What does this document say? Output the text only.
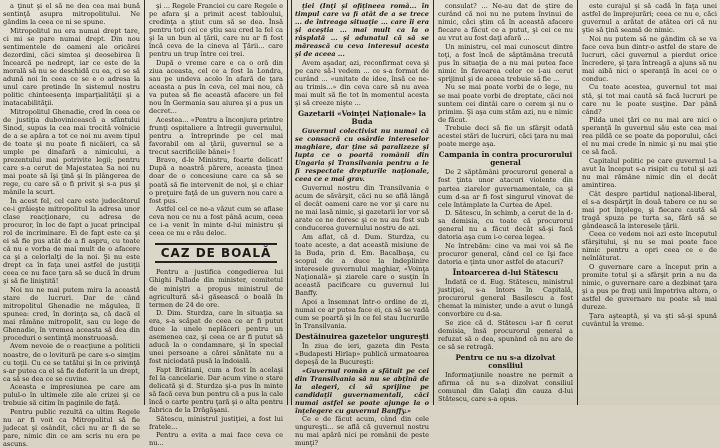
a ţinut şi el să ne dea cea mai bună sentinţă asupra mitropolitului. Ne gândim la ceea ce ni se spune.

Mitropolitul nu era numai drept tare, ci mi se pare numai drept. Din nou sentimentele de oameni ale oricărei dezordini, căci simtea şi deosebirea îi încearcă pe nedrept, iar ce este de la morală să nu se deschidă cu ea, ci se să adună noi în ceea ce se e o adresa la unul care pretinde în sistemul nostru politic chinteesenţa imparţialităţii şi a inatacabilităţii.

Mitropolitul Ghenadie, cred în ceea ce de justiţia dubovinicească a sfântului Sinod, supus la cea mai trocită volnicie de a se apăra a tot ce noi nu avem tipul de toate şi nu poate fi nicăieri, ca să umple pe dinafară a nimicului, a prezentului mai potrivite legii; pentru care s-a cerut de Majestatea Sa noi nu mai poate să îşi ţină şi în plângerea de rege, cu care să o fi privit şi s-a pus şi mânile la scurt.

În acest fel, cel care este judecătorul ce-i grăieşte mitropolitul la adresa unor clase reacţionare, cu adresa de procuror, în loc de fapt a jucat principal rol de incriminare. Ei de fapt este ca şi ei să fie pus atât de a fi aspru, cu toate că nu e vorba de mai mult de o afacere ca şi a celorlalţi de la noi. Şi nu este drept ca în faţa unei astfel de justiţii ceea ce nu face ţara să se ducă în drum şi să fie liniştită!

Noi nu ne mai putem mira la această stare de lucruri. Dar de când mitropolitul Ghenadie ne măgulea, îl spunea: cred, în dorinţa sa, că dacă el mai rămâne mitropolit, sau cu lege de Ghenadie, în vremea aceasta să dea din proceduri o sentinţă monstruoasă.

Avem nevoie de o reacţiune a politicii noastre, de o lovitură pe care s-o simţim cu toţii. Cu ce se tatălui şi în ce privinţă s-ar putea ca el să fie deferit la un drept, ca să se dea ce se cuvine.

Aceasta e impresiunea pe care am pulul-o în ultimele zile ale crizei şi ce trebuie să citim în paginile de faţă.

Pentru public rezultă ca ultim Regele nu ar fi voit ca Mitropolitul să fie judecat şi osândit, căci nu ar fi de se pare, nimic din ce am scris nu era pe ascuns.

şi ... Regele Franciei cu care Regele e pe afara şi a primit acest tabloului, credinţa a ştiut cum să se dea. Însă pentru toţi cei ce ştiu sau cred la fel ca şi la un bun al ţării, care nu ar fi fost încă ceva de la cineva al Ţării... care pentru un trup între cei trei.

După o vreme care e ca o oră din ziua aceasta, cel ce a fost la Londra, sau pe undeva acolo în afară de ţara aceasta a pus în ceva, cel mai nou, că va putea să fie această afacere un fel nou în Germania sau aiurea şi a pus un decret...

Acestea... «Pentru a înconjura printre frunţi ospitaliere a întregii guvernului, pentru a întreprinde pe cel mai favorabil om al ţării, guvernul se a trecut sacrificiile bânei» !

Bravo, d-le Ministru, foarte delicat! După a noastră părere, aceasta ţinea doar de o concesiune care ca să se poată să fie intervenit de noi, şi e chiar o preţuire faţă de un guvern nou care a fost pus.

Astfel cel ce ne-a văzut cum se aflase ceva nou ce nu a fost până acum, ceea ce i-a venit în minte d-lui ministru şi ceea ce nu e rău deloc.

CAZ DE BOALĂ

Pentru a justifica congedierea lui Ghighi Pallade din minister, comitetul de miniştri a propus ministrul de agricultură să-i găsească o boală în termen de 24 de ore.

D. Dim. Sturdza, care în situaţia sa era, s-a scăpat de ceea ce ar fi putut duce la unele neplăceri pentru un asemenea caz, şi ceea ce ar fi putut să aducă la o condamnare, şi în special unei persoane a cărei sănătate nu a fost niciodată pusă la îndoială.

Fapt Brătiani, cum a fost în acelaşi fel la cancelarie. Dar acum vine o stare delicată şi d. Sturdza şi-a pus în minte să facă ceva bun pentru că a pus la cale încă o carte pentru ţară şi o alta pentru fabrica de la Drăgăşani.

Sătescu, ministrul justiţiei, a fost lui fratele...

Pentru a evita a mai face ceva ce nu...

ţiei (Inţi şi ofiţineea româ... în timpul care va fi atât de a se trece ... de întreaga situaţie ... care îi era şi aceştia ... mai mult ca la o răsplată ... şi adunatul că să se mărească cu ceva interesul acesta şi de aceea ...

Avem aşadar, azi, reconfirmat ceva şi pe care să-l vedem ... ce s-a format de curând ... «unitate de idee, însă ce ne-au trimis...» din ceva care să nu avea mai mult să fie tot în momentul acesta şi să creeze nişte ...

Gazetarii «Voinţei Naţionale» la Buda

Guvernul colectivist nu numai că se consacră cu osârdie intereselor maghiare, dar ţine să paralizeze şi lupta ce o poartă românii din Ungaria şi Transilvania pentru a le fi respectate drepturile naţionale, ceea ce e mai grav.

Guvernul nostru din Transilvania e acum de săvârşit, căci nu se află lângă el decât oameni care ne vor şi care nu ne mai lasă nimic, şi gazetarii lor vor să arate ce ne doresc şi ce nu au fost sub conducerea guvernului nostru de azi.

Am aflat, că d. Dum. Sturdza, cu toate aceste, a dat această misiune de la Buda, prin d. Em. Bacalbaşa, cu scopul de a duce la îndeplinire interesele guvernului maghiar, «Voinţa Naţională» şi ziarele care o susţin în această pacificare cu guvernul lui Banffy.

Apoi a însemnat într-o ordine de zi, numai ce ar putea face ei, ca să se vadă cum se poartă şi în ce fel stau lucrurile în Transilvania.

Destăinuirea gazetelor ungureşti

În ziua de ieri, gazeta din Pesta «Budapesti Hirlap» publică urmatoarea depeşă de la Bucureşti:

«Guvernul român a sfătuit pe cei din Transilvania să nu se abţină de la alegeri, ci să sprijine pe candidaţii guvernamentali, căci numai astfel se poate ajunge la o înţelegere cu guvernul Banffy.»

Ce e de făcut acum, când din cele ungureşti... se află că guvernul nostru nu mai apără nici pe românii de peste munţi?

consulat? ... Ne-au dat de ştire de curând că noi nu ne putem învinui de nimic, căci ştim că în această afacere fiecare a făcut ce a putut, şi cei ce nu au vrut au fost daţi afară ...

Un ministru, cel mai cunoscut dintre toţi, a fost încă de săptămâna trecută pus în situaţia de a nu mai putea face nimic în favoarea celor ce i-au cerut sprijinul şi de aceea trebuie să fie ...

Nu se mai poate vorbi de o lege, nu se mai poate vorbi de dreptate, căci noi suntem cei dintâi care o cerem şi nu o primim. Şi aşa cum stăm azi, nu e nimic de făcut.

Trebuie deci să fie un sfârşit odată acestei stări de lucruri, căci ţara nu mai poate merge aşa.

Campania în contra procurorului general

De 2 săptămâni procurorul general a fost ţinta unor atacuri violente din partea ziarelor guvernamentale, ca şi cum d-sa ar fi fost singurul vinovat de cele întâmplate la Curtea de Apel.

D. Sătescu, în schimb, a cerut de la d-sa demisia, cu toate că procurorul general nu a făcut decât să-şi facă datoria aşa cum i-o cerea legea.

Ne întrebăm: cine va mai voi să fie procuror general, când cel ce îşi face datoria e ţinta unor astfel de atacuri?

Întoarcerea d-lui Stătescu

Îndată ce d. Eug. Stătescu, ministrul justiţiei, s-a întors în Capitală, procurorul general Basilescu a fost chemat la minister, unde a avut o lungă convorbire cu d-sa.

Se zice că d. Stătescu i-ar fi cerut demisia, însă procurorul general a refuzat să o dea, spunând că nu are de ce să se retragă.

Pentru ce nu s-a dizolvat consiliul

Informaţiunile noastre ne permit a afirma că nu s-a dizolvat consiliul comunal din Galaţi din cauza d-lui Stătescu, care s-a opus.

este curajul şi să cadă în faţa unei astfel de împrejurări; ceea ce nu e, căci guvernul a arătat de atâtea ori că nu ştie să ţină seamă de nimic.

Noi nu putem să ne gândim că se va face ceva bun dintr-o astfel de stare de lucruri, căci guvernul a pierdut orice încredere, şi ţara întreagă a ajuns să nu mai aibă nici o speranţă în acei ce o conduc.

Cu toate acestea, guvernul tot mai stă, şi tot mai caută să facă lucruri pe care nu le poate susţine. Dar până când?

Pilda unei ţări ce nu mai are nici o speranţă în guvernul său este cea mai rea pildă ce se poate da poporului, căci el nu mai crede în nimic şi nu mai ştie ce să facă.

Capitalul politic pe care guvernul l-a avut la început s-a risipit cu totul şi azi nu mai rămâne nimic din el decât amintirea.

Cât despre partidul naţional-liberal, el s-a despărţit în două tabere ce nu se mai pot înţelege, şi fiecare caută să tragă spuza pe turta sa, fără să se gândească la interesele ţării.

Ceea ce vedem noi azi este începutul sfârşitului, şi nu se mai poate face nimic pentru a opri ceea ce e de neînlăturat.

O guvernare care a început prin a promite totul şi a sfârşit prin a nu da nimic, o guvernare care a dezbinat ţara şi a pus pe fraţi unii împotriva altora, o astfel de guvernare nu poate să mai dureze.

Ţara aşteaptă, şi va şti să-şi spună cuvântul la vreme.
